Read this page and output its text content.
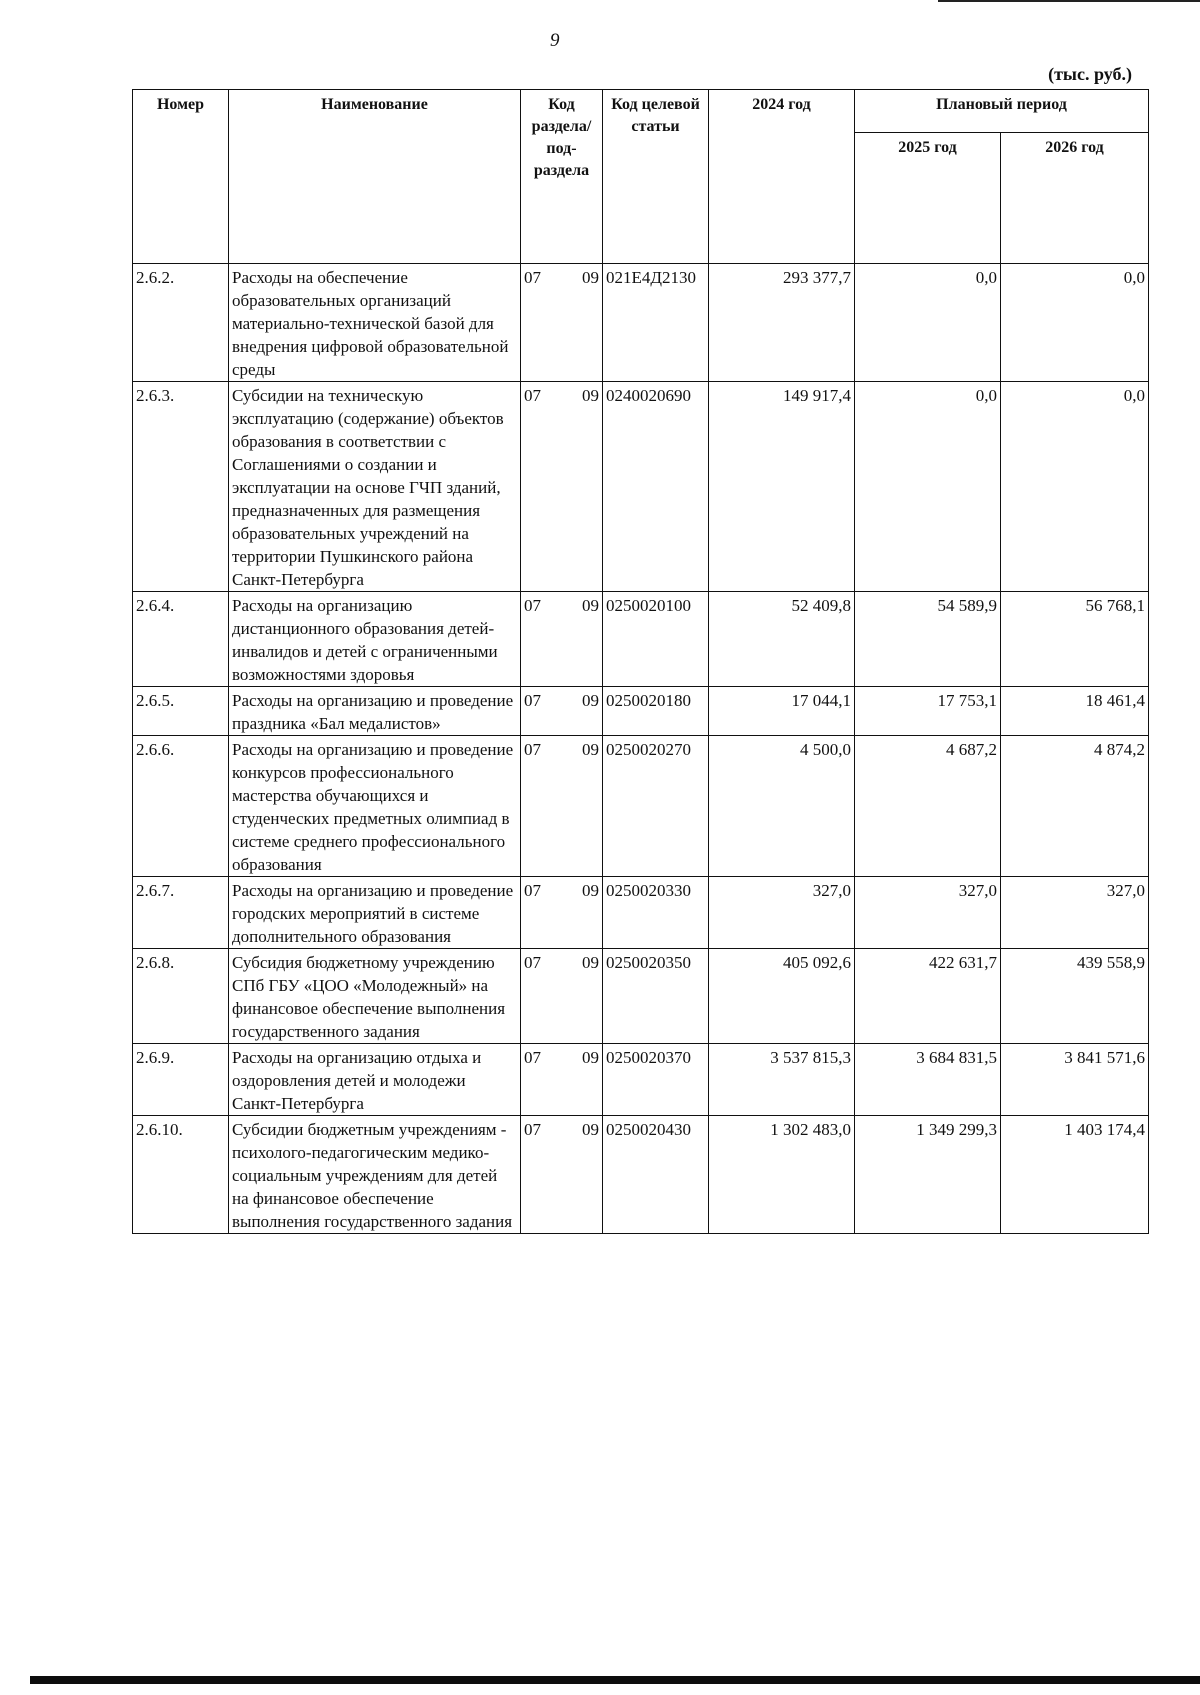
9
(тыс. руб.)
Номер	Наименование	Код раздела/ под-раздела	Код целевой статьи	2024 год	Плановый период	
					2025 год	2026 год
2.6.2.	Расходы на обеспечение образовательных организаций материально-технической базой для внедрения цифровой образовательной среды	07 09	021Е4Д2130	293 377,7	0,0	0,0
2.6.3.	Субсидии на техническую эксплуатацию (содержание) объектов образования в соответствии с Соглашениями о создании и эксплуатации на основе ГЧП зданий, предназначенных для размещения образовательных учреждений на территории Пушкинского района Санкт-Петербурга	07 09	0240020690	149 917,4	0,0	0,0
2.6.4.	Расходы на организацию дистанционного образования детей-инвалидов и детей с ограниченными возможностями здоровья	07 09	0250020100	52 409,8	54 589,9	56 768,1
2.6.5.	Расходы на организацию и проведение праздника «Бал медалистов»	07 09	0250020180	17 044,1	17 753,1	18 461,4
2.6.6.	Расходы на организацию и проведение конкурсов профессионального мастерства обучающихся и студенческих предметных олимпиад в системе среднего профессионального образования	07 09	0250020270	4 500,0	4 687,2	4 874,2
2.6.7.	Расходы на организацию и проведение городских мероприятий в системе дополнительного образования	07 09	0250020330	327,0	327,0	327,0
2.6.8.	Субсидия бюджетному учреждению СПб ГБУ «ЦОО «Молодежный» на финансовое обеспечение выполнения государственного задания	07 09	0250020350	405 092,6	422 631,7	439 558,9
2.6.9.	Расходы на организацию отдыха и оздоровления детей и молодежи Санкт-Петербурга	07 09	0250020370	3 537 815,3	3 684 831,5	3 841 571,6
2.6.10.	Субсидии бюджетным учреждениям - психолого-педагогическим медико-социальным учреждениям для детей на финансовое обеспечение выполнения государственного задания	07 09	0250020430	1 302 483,0	1 349 299,3	1 403 174,4
